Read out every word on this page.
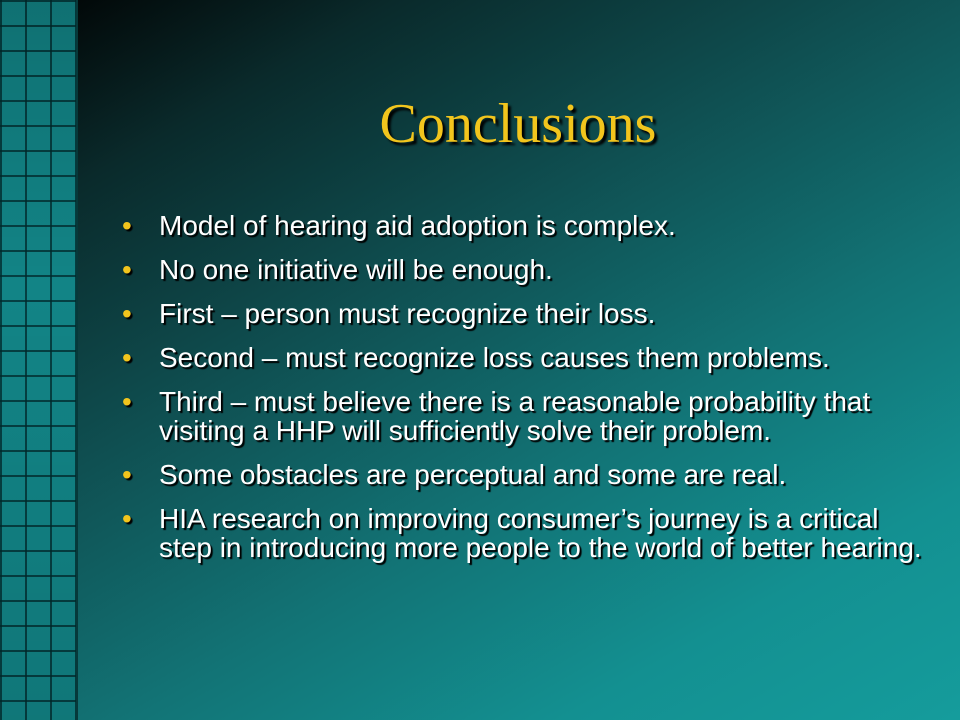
Conclusions
• Model of hearing aid adoption is complex.
• No one initiative will be enough.
• First – person must recognize their loss.
• Second – must recognize loss causes them problems.
• Third – must believe there is a reasonable probability that visiting a HHP will sufficiently solve their problem.
• Some obstacles are perceptual and some are real.
• HIA research on improving consumer’s journey is a critical step in introducing more people to the world of better hearing.
